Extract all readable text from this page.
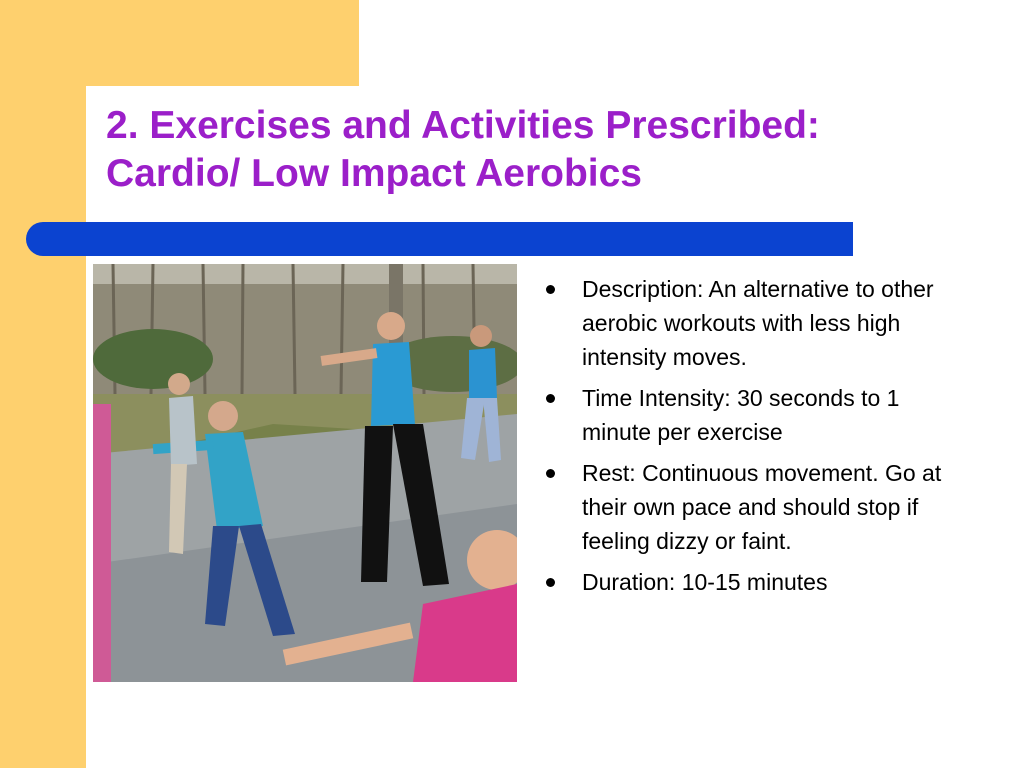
2. Exercises and Activities Prescribed:
Cardio/ Low Impact Aerobics
Description: An alternative to other aerobic workouts with less high intensity moves.
Time Intensity: 30 seconds to 1 minute per exercise
Rest: Continuous movement. Go at their own pace and should stop if feeling dizzy or faint.
Duration: 10-15 minutes
